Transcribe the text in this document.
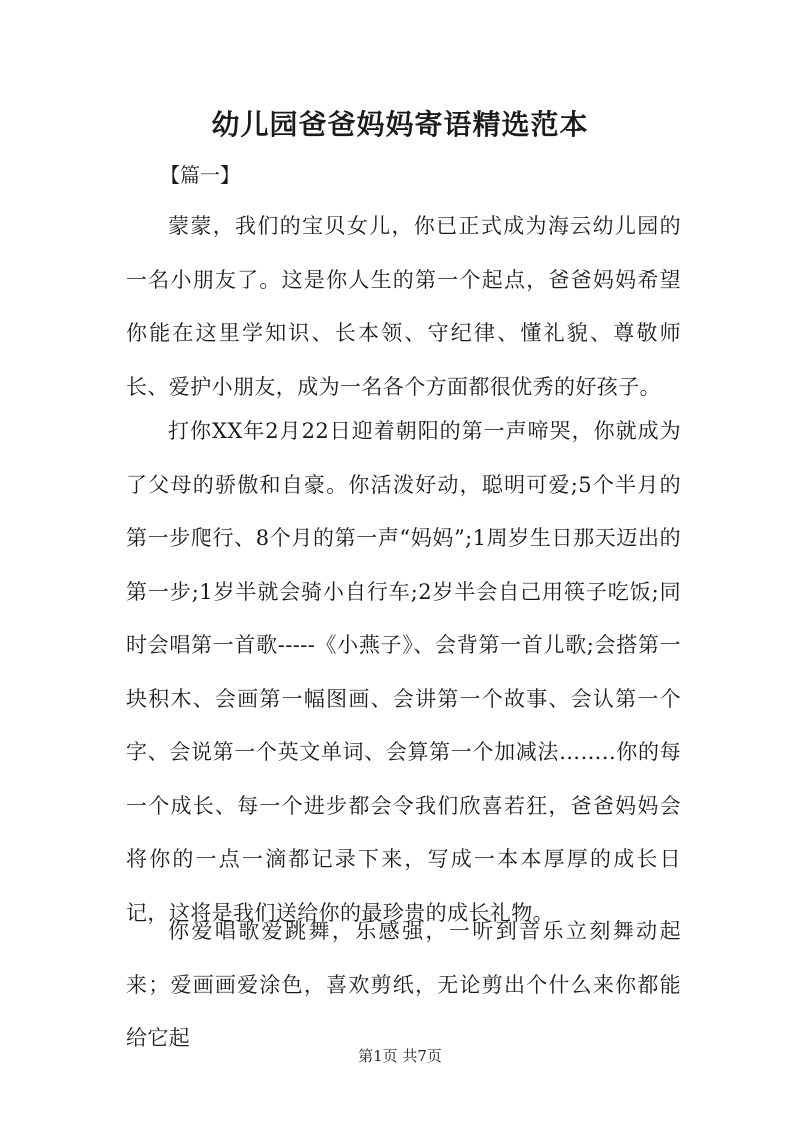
幼儿园爸爸妈妈寄语精选范本
【篇一】

蒙蒙，我们的宝贝女儿，你已正式成为海云幼儿园的一名小朋友了。这是你人生的第一个起点，爸爸妈妈希望你能在这里学知识、长本领、守纪律、懂礼貌、尊敬师长、爱护小朋友，成为一名各个方面都很优秀的好孩子。

打你XX年2月22日迎着朝阳的第一声啼哭，你就成为了父母的骄傲和自豪。你活泼好动，聪明可爱;5个半月的第一步爬行、8个月的第一声“妈妈”;1周岁生日那天迈出的第一步;1岁半就会骑小自行车;2岁半会自己用筷子吃饭;同时会唱第一首歌-----《小燕子》、会背第一首儿歌;会搭第一块积木、会画第一幅图画、会讲第一个故事、会认第一个字、会说第一个英文单词、会算第一个加减法……..你的每一个成长、每一个进步都会令我们欣喜若狂，爸爸妈妈会将你的一点一滴都记录下来，写成一本本厚厚的成长日记，这将是我们送给你的最珍贵的成长礼物。

你爱唱歌爱跳舞，乐感强，一听到音乐立刻舞动起来；爱画画爱涂色，喜欢剪纸，无论剪出个什么来你都能给它起

第1页 共7页
